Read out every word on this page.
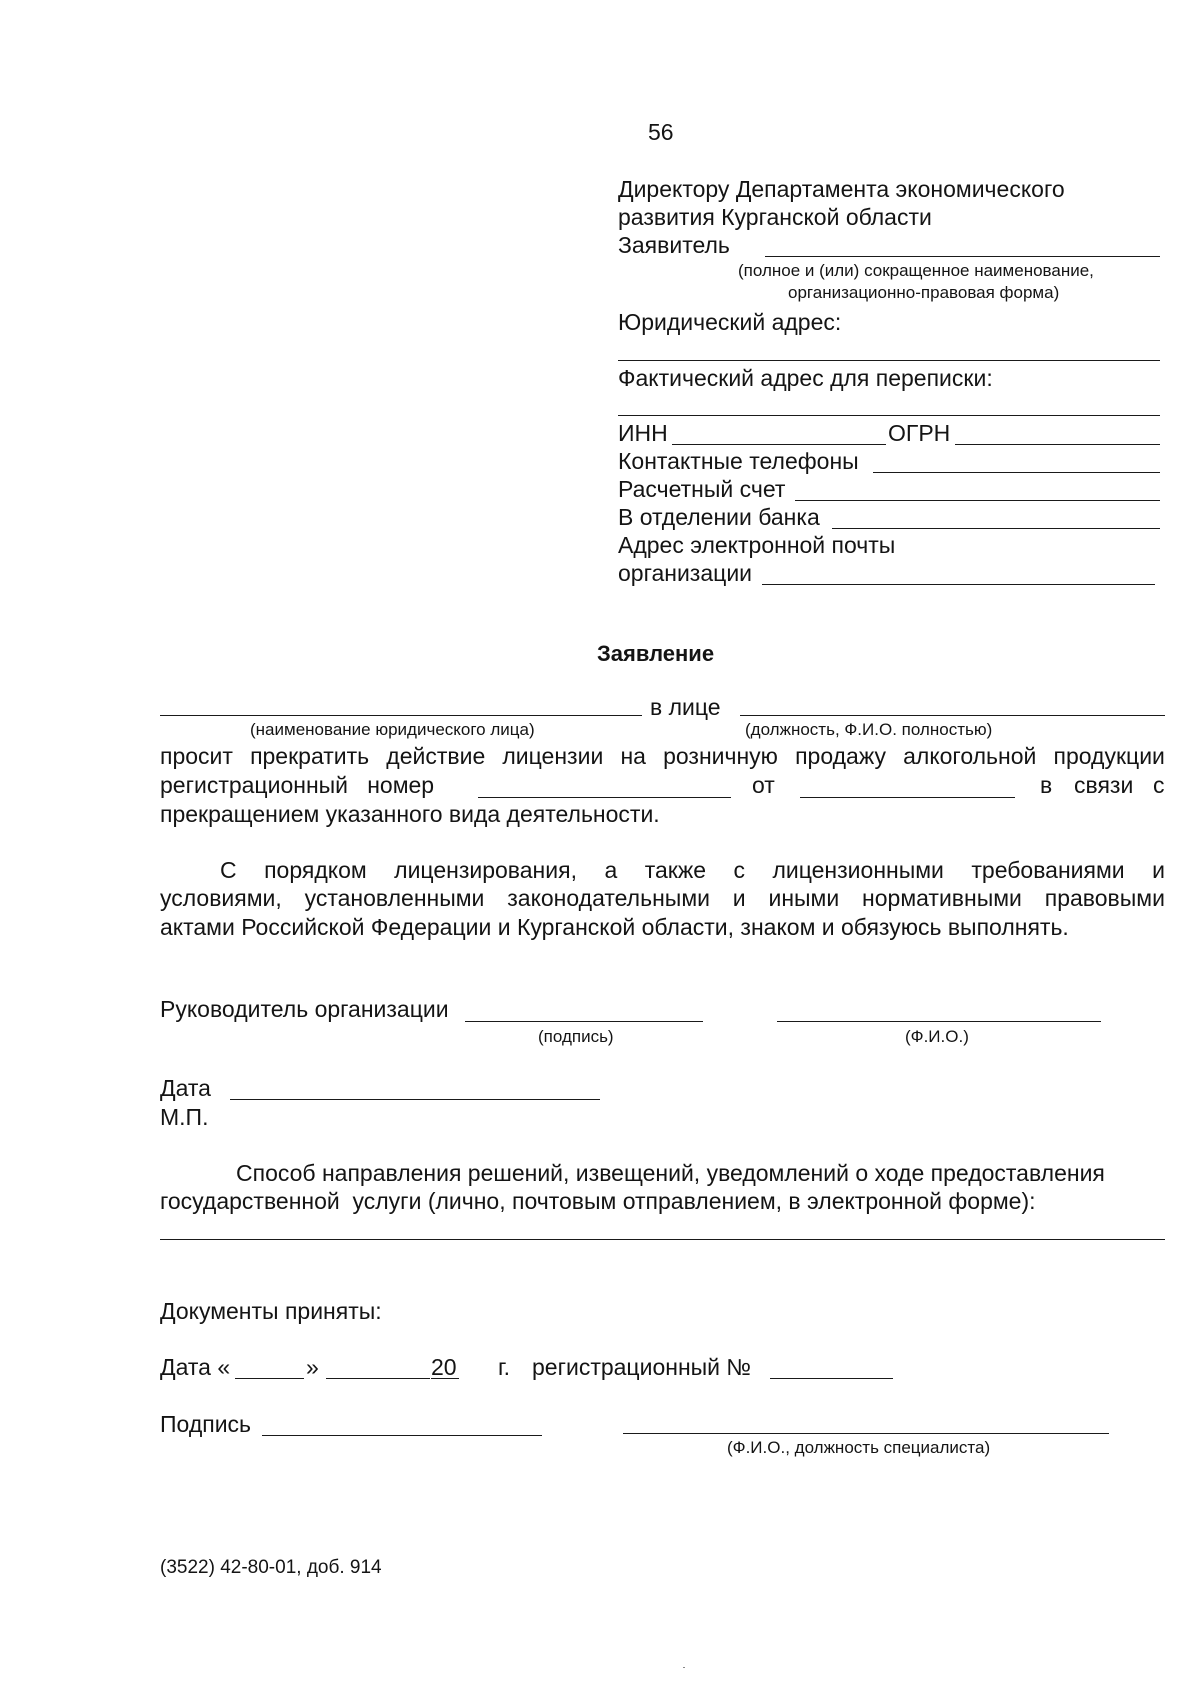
56
Директору Департамента экономического
развития Курганской области
Заявитель
(полное и (или) сокращенное наименование,
организационно-правовая форма)
Юридический адрес:
Фактический адрес для переписки:
ИНН	ОГРН
Контактные телефоны
Расчетный счет
В отделении банка
Адрес электронной почты
организации
Заявление
в лице
(наименование юридического лица)	(должность, Ф.И.О. полностью)
просит прекратить действие лицензии на розничную продажу алкогольной продукции
регистрационный   номер	от	в связи с
прекращением указанного вида деятельности.
С порядком лицензирования, а также с лицензионными требованиями и
условиями, установленными законодательными и иными нормативными правовыми
актами Российской Федерации и Курганской области, знаком и обязуюсь выполнять.
Руководитель организации
(подпись)	(Ф.И.О.)
Дата
М.П.
Способ направления решений, извещений, уведомлений о ходе предоставления
государственной  услуги (лично, почтовым отправлением, в электронной форме):
Документы приняты:
Дата «	»	20 г. регистрационный №
Подпись
(Ф.И.О., должность специалиста)
(3522) 42-80-01, доб. 914
